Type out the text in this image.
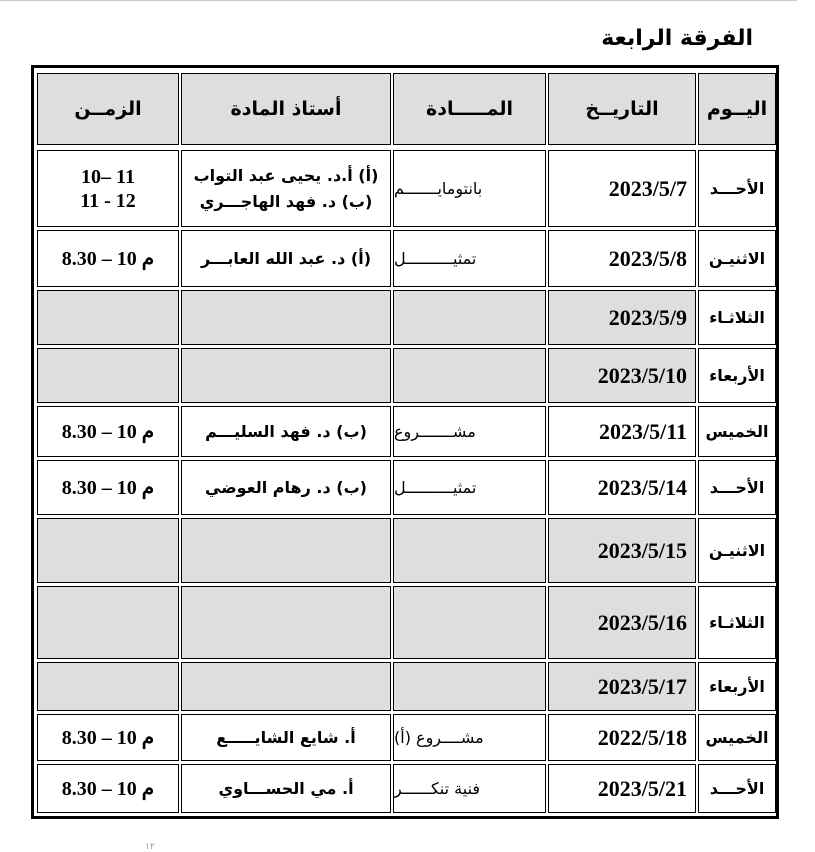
الفرقة الرابعة
اليــوم
التاريــخ
المـــــادة
أستاذ المادة
الزمــن
الأحـــد
2023/5/7
بانتومايـــــــم
(أ) أ.د. يحيى عبد التواب
(ب) د. فهد الهاجـــري
10– 11
11 - 12
الاثنيـن
2023/5/8
تمثيــــــــــل
(أ) د. عبد الله العابـــر
8.30 – 10 م
الثلاثـاء
2023/5/9
الأربعاء
2023/5/10
الخميس
2023/5/11
مشـــــــروع
(ب) د. فهد السليـــم
8.30 – 10 م
الأحـــد
2023/5/14
تمثيــــــــــل
(ب) د. رهام العوضي
8.30 – 10 م
الاثنيـن
2023/5/15
الثلاثـاء
2023/5/16
الأربعاء
2023/5/17
الخميس
2022/5/18
مشــــروع (أ)
أ. شايع الشايـــــع
8.30 – 10 م
الأحـــد
2023/5/21
فنية تنكــــــر
أ. مي الحســـاوي
8.30 – 10 م
١٢
